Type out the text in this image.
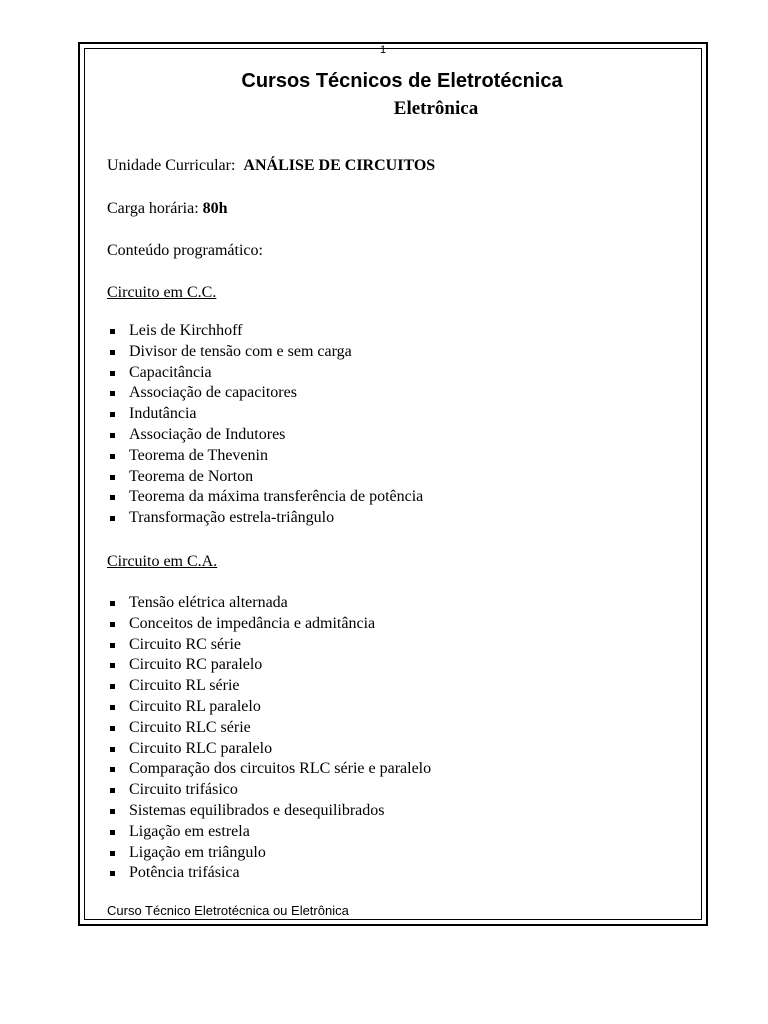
1
Cursos Técnicos de Eletrotécnica
Eletrônica
Unidade Curricular: ANÁLISE DE CIRCUITOS
Carga horária: 80h
Conteúdo programático:
Circuito em C.C.
Leis de Kirchhoff
Divisor de tensão com e sem carga
Capacitância
Associação de capacitores
Indutância
Associação de Indutores
Teorema de Thevenin
Teorema de Norton
Teorema da máxima transferência de potência
Transformação estrela-triângulo
Circuito em C.A.
Tensão elétrica alternada
Conceitos de impedância e admitância
Circuito RC série
Circuito RC paralelo
Circuito RL série
Circuito RL paralelo
Circuito RLC série
Circuito RLC paralelo
Comparação dos circuitos RLC série e paralelo
Circuito trifásico
Sistemas equilibrados e desequilibrados
Ligação em estrela
Ligação em triângulo
Potência trifásica
Curso Técnico Eletrotécnica ou Eletrônica
